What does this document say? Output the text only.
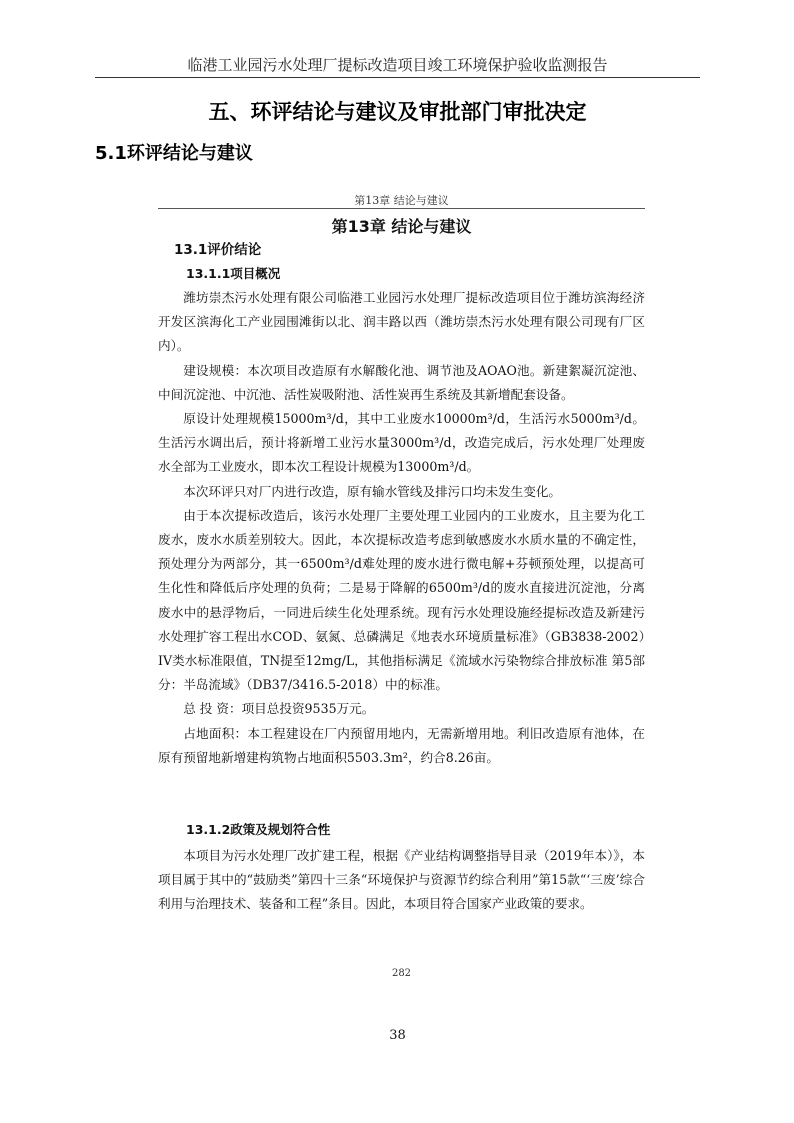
临港工业园污水处理厂提标改造项目竣工环境保护验收监测报告
五、环评结论与建议及审批部门审批决定
5.1环评结论与建议
第13章 结论与建议
第13章 结论与建议
13.1评价结论
13.1.1项目概况

潍坊崇杰污水处理有限公司临港工业园污水处理厂提标改造项目位于潍坊滨海经济开发区滨海化工产业园围滩街以北、润丰路以西（潍坊崇杰污水处理有限公司现有厂区内）。

建设规模：本次项目改造原有水解酸化池、调节池及AOAO池。新建絮凝沉淀池、中间沉淀池、中沉池、活性炭吸附池、活性炭再生系统及其新增配套设备。

原设计处理规模15000m³/d，其中工业废水10000m³/d，生活污水5000m³/d。生活污水调出后，预计将新增工业污水量3000m³/d，改造完成后，污水处理厂处理废水全部为工业废水，即本次工程设计规模为13000m³/d。

本次环评只对厂内进行改造，原有输水管线及排污口均未发生变化。

由于本次提标改造后，该污水处理厂主要处理工业园内的工业废水，且主要为化工废水，废水水质差别较大。因此，本次提标改造考虑到敏感废水水质水量的不确定性，预处理分为两部分，其一6500m³/d难处理的废水进行微电解+芬顿预处理，以提高可生化性和降低后序处理的负荷；二是易于降解的6500m³/d的废水直接进沉淀池，分离废水中的悬浮物后，一同进后续生化处理系统。现有污水处理设施经提标改造及新建污水处理扩容工程出水COD、氨氮、总磷满足《地表水环境质量标准》（GB3838-2002）IV类水标准限值，TN提至12mg/L，其他指标满足《流域水污染物综合排放标准 第5部分：半岛流域》（DB37/3416.5-2018）中的标准。

总 投 资：项目总投资9535万元。

占地面积：本工程建设在厂内预留用地内，无需新增用地。利旧改造原有池体，在原有预留地新增建构筑物占地面积5503.3m²，约合8.26亩。

13.1.2政策及规划符合性

本项目为污水处理厂改扩建工程，根据《产业结构调整指导目录（2019年本）》，本项目属于其中的“鼓励类”第四十三条“环境保护与资源节约综合利用”第15款“‘三废’综合利用与治理技术、装备和工程”条目。因此，本项目符合国家产业政策的要求。

282
38
